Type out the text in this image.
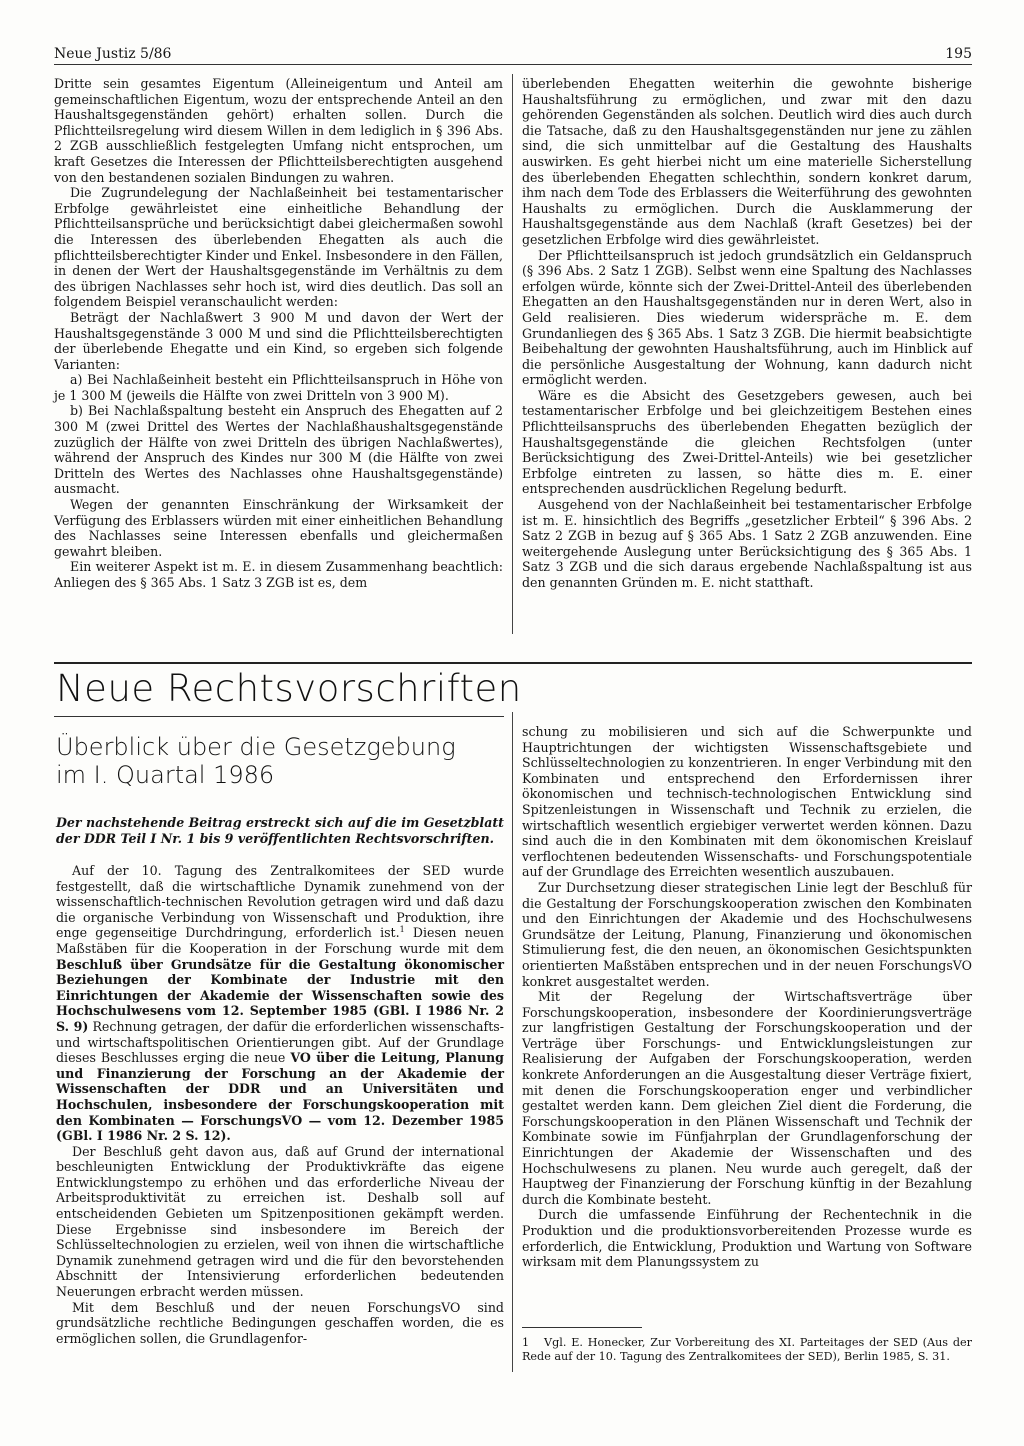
Neue Justiz 5/86	195

Dritte sein gesamtes Eigentum (Alleineigentum und Anteil am gemeinschaftlichen Eigentum, wozu der entsprechende Anteil an den Haushaltsgegenständen gehört) erhalten sollen. Durch die Pflichtteilsregelung wird diesem Willen in dem lediglich in § 396 Abs. 2 ZGB ausschließlich festgelegten Umfang nicht entsprochen, um kraft Gesetzes die Interessen der Pflichtteilsberechtigten ausgehend von den bestandenen sozialen Bindungen zu wahren.

Die Zugrundelegung der Nachlaßeinheit bei testamentarischer Erbfolge gewährleistet eine einheitliche Behandlung der Pflichtteilsansprüche und berücksichtigt dabei gleichermaßen sowohl die Interessen des überlebenden Ehegatten als auch die pflichtteilsberechtigter Kinder und Enkel. Insbesondere in den Fällen, in denen der Wert der Haushaltsgegenstände im Verhältnis zu dem des übrigen Nachlasses sehr hoch ist, wird dies deutlich. Das soll an folgendem Beispiel veranschaulicht werden:

Beträgt der Nachlaßwert 3 900 M und davon der Wert der Haushaltsgegenstände 3 000 M und sind die Pflichtteilsberechtigten der überlebende Ehegatte und ein Kind, so ergeben sich folgende Varianten:

a) Bei Nachlaßeinheit besteht ein Pflichtteilsanspruch in Höhe von je 1 300 M (jeweils die Hälfte von zwei Dritteln von 3 900 M).

b) Bei Nachlaßspaltung besteht ein Anspruch des Ehegatten auf 2 300 M (zwei Drittel des Wertes der Nachlaßhaushaltsgegenstände zuzüglich der Hälfte von zwei Dritteln des übrigen Nachlaßwertes), während der Anspruch des Kindes nur 300 M (die Hälfte von zwei Dritteln des Wertes des Nachlasses ohne Haushaltsgegenstände) ausmacht.

Wegen der genannten Einschränkung der Wirksamkeit der Verfügung des Erblassers würden mit einer einheitlichen Behandlung des Nachlasses seine Interessen ebenfalls und gleichermaßen gewahrt bleiben.

Ein weiterer Aspekt ist m. E. in diesem Zusammenhang beachtlich: Anliegen des § 365 Abs. 1 Satz 3 ZGB ist es, dem

überlebenden Ehegatten weiterhin die gewohnte bisherige Haushaltsführung zu ermöglichen, und zwar mit den dazu gehörenden Gegenständen als solchen. Deutlich wird dies auch durch die Tatsache, daß zu den Haushaltsgegenständen nur jene zu zählen sind, die sich unmittelbar auf die Gestaltung des Haushalts auswirken. Es geht hierbei nicht um eine materielle Sicherstellung des überlebenden Ehegatten schlechthin, sondern konkret darum, ihm nach dem Tode des Erblassers die Weiterführung des gewohnten Haushalts zu ermöglichen. Durch die Ausklammerung der Haushaltsgegenstände aus dem Nachlaß (kraft Gesetzes) bei der gesetzlichen Erbfolge wird dies gewährleistet.

Der Pflichtteilsanspruch ist jedoch grundsätzlich ein Geldanspruch (§ 396 Abs. 2 Satz 1 ZGB). Selbst wenn eine Spaltung des Nachlasses erfolgen würde, könnte sich der Zwei-Drittel-Anteil des überlebenden Ehegatten an den Haushaltsgegenständen nur in deren Wert, also in Geld realisieren. Dies wiederum widerspräche m. E. dem Grundanliegen des § 365 Abs. 1 Satz 3 ZGB. Die hiermit beabsichtigte Beibehaltung der gewohnten Haushaltsführung, auch im Hinblick auf die persönliche Ausgestaltung der Wohnung, kann dadurch nicht ermöglicht werden.

Wäre es die Absicht des Gesetzgebers gewesen, auch bei testamentarischer Erbfolge und bei gleichzeitigem Bestehen eines Pflichtteilsanspruchs des überlebenden Ehegatten bezüglich der Haushaltsgegenstände die gleichen Rechtsfolgen (unter Berücksichtigung des Zwei-Drittel-Anteils) wie bei gesetzlicher Erbfolge eintreten zu lassen, so hätte dies m. E. einer entsprechenden ausdrücklichen Regelung bedurft.

Ausgehend von der Nachlaßeinheit bei testamentarischer Erbfolge ist m. E. hinsichtlich des Begriffs „gesetzlicher Erbteil“ § 396 Abs. 2 Satz 2 ZGB in bezug auf § 365 Abs. 1 Satz 2 ZGB anzuwenden. Eine weitergehende Auslegung unter Berücksichtigung des § 365 Abs. 1 Satz 3 ZGB und die sich daraus ergebende Nachlaßspaltung ist aus den genannten Gründen m. E. nicht statthaft.

Neue Rechtsvorschriften
Überblick über die Gesetzgebung
im I. Quartal 1986
Der nachstehende Beitrag erstreckt sich auf die im Gesetzblatt der DDR Teil I Nr. 1 bis 9 veröffentlichten Rechtsvorschriften.

Auf der 10. Tagung des Zentralkomitees der SED wurde festgestellt, daß die wirtschaftliche Dynamik zunehmend von der wissenschaftlich-technischen Revolution getragen wird und daß dazu die organische Verbindung von Wissenschaft und Produktion, ihre enge gegenseitige Durchdringung, erforderlich ist.$^1$ Diesen neuen Maßstäben für die Kooperation in der Forschung wurde mit dem Beschluß über Grundsätze für die Gestaltung ökonomischer Beziehungen der Kombinate der Industrie mit den Einrichtungen der Akademie der Wissenschaften sowie des Hochschulwesens vom 12. September 1985 (GBl. I 1986 Nr. 2 S. 9) Rechnung getragen, der dafür die erforderlichen wissenschafts- und wirtschaftspolitischen Orientierungen gibt. Auf der Grundlage dieses Beschlusses erging die neue VO über die Leitung, Planung und Finanzierung der Forschung an der Akademie der Wissenschaften der DDR und an Universitäten und Hochschulen, insbesondere der Forschungskooperation mit den Kombinaten — ForschungsVO — vom 12. Dezember 1985 (GBl. I 1986 Nr. 2 S. 12).

Der Beschluß geht davon aus, daß auf Grund der international beschleunigten Entwicklung der Produktivkräfte das eigene Entwicklungstempo zu erhöhen und das erforderliche Niveau der Arbeitsproduktivität zu erreichen ist. Deshalb soll auf entscheidenden Gebieten um Spitzenpositionen gekämpft werden. Diese Ergebnisse sind insbesondere im Bereich der Schlüsseltechnologien zu erzielen, weil von ihnen die wirtschaftliche Dynamik zunehmend getragen wird und die für den bevorstehenden Abschnitt der Intensivierung erforderlichen bedeutenden Neuerungen erbracht werden müssen.

Mit dem Beschluß und der neuen ForschungsVO sind grundsätzliche rechtliche Bedingungen geschaffen worden, die es ermöglichen sollen, die Grundlagenfor-

schung zu mobilisieren und sich auf die Schwerpunkte und Hauptrichtungen der wichtigsten Wissenschaftsgebiete und Schlüsseltechnologien zu konzentrieren. In enger Verbindung mit den Kombinaten und entsprechend den Erfordernissen ihrer ökonomischen und technisch-technologischen Entwicklung sind Spitzenleistungen in Wissenschaft und Technik zu erzielen, die wirtschaftlich wesentlich ergiebiger verwertet werden können. Dazu sind auch die in den Kombinaten mit dem ökonomischen Kreislauf verflochtenen bedeutenden Wissenschafts- und Forschungspotentiale auf der Grundlage des Erreichten wesentlich auszubauen.

Zur Durchsetzung dieser strategischen Linie legt der Beschluß für die Gestaltung der Forschungskooperation zwischen den Kombinaten und den Einrichtungen der Akademie und des Hochschulwesens Grundsätze der Leitung, Planung, Finanzierung und ökonomischen Stimulierung fest, die den neuen, an ökonomischen Gesichtspunkten orientierten Maßstäben entsprechen und in der neuen ForschungsVO konkret ausgestaltet werden.

Mit der Regelung der Wirtschaftsverträge über Forschungskooperation, insbesondere der Koordinierungsverträge zur langfristigen Gestaltung der Forschungskooperation und der Verträge über Forschungs- und Entwicklungsleistungen zur Realisierung der Aufgaben der Forschungskooperation, werden konkrete Anforderungen an die Ausgestaltung dieser Verträge fixiert, mit denen die Forschungskooperation enger und verbindlicher gestaltet werden kann. Dem gleichen Ziel dient die Forderung, die Forschungskooperation in den Plänen Wissenschaft und Technik der Kombinate sowie im Fünfjahrplan der Grundlagenforschung der Einrichtungen der Akademie der Wissenschaften und des Hochschulwesens zu planen. Neu wurde auch geregelt, daß der Hauptweg der Finanzierung der Forschung künftig in der Bezahlung durch die Kombinate besteht.

Durch die umfassende Einführung der Rechentechnik in die Produktion und die produktionsvorbereitenden Prozesse wurde es erforderlich, die Entwicklung, Produktion und Wartung von Software wirksam mit dem Planungssystem zu

1 Vgl. E. Honecker, Zur Vorbereitung des XI. Parteitages der SED (Aus der Rede auf der 10. Tagung des Zentralkomitees der SED), Berlin 1985, S. 31.
